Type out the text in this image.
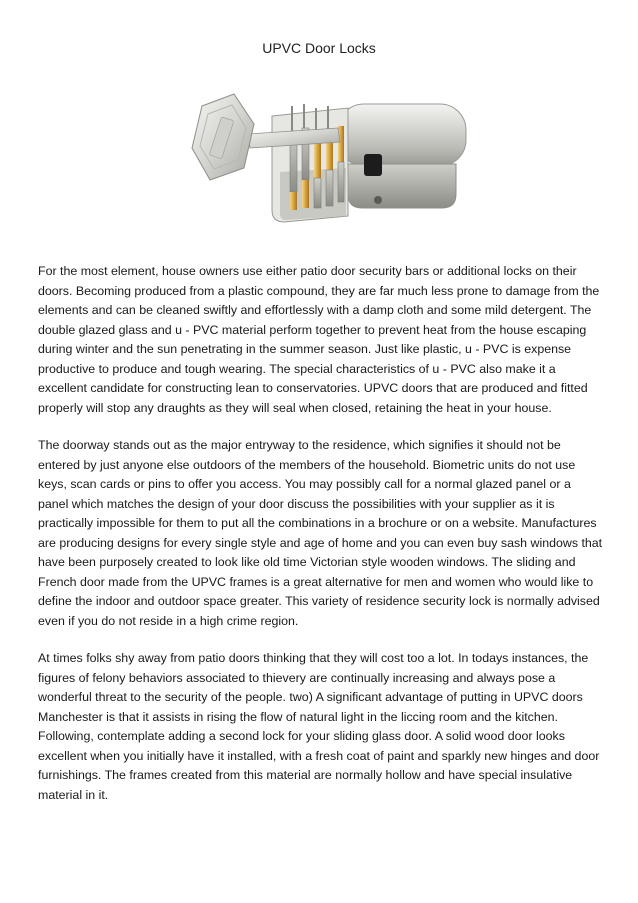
UPVC Door Locks

For the most element, house owners use either patio door security bars or additional locks on their doors. Becoming produced from a plastic compound, they are far much less prone to damage from the elements and can be cleaned swiftly and effortlessly with a damp cloth and some mild detergent. The double glazed glass and u - PVC material perform together to prevent heat from the house escaping during winter and the sun penetrating in the summer season. Just like plastic, u - PVC is expense productive to produce and tough wearing. The special characteristics of u - PVC also make it a excellent candidate for constructing lean to conservatories. UPVC doors that are produced and fitted properly will stop any draughts as they will seal when closed, retaining the heat in your house.

The doorway stands out as the major entryway to the residence, which signifies it should not be entered by just anyone else outdoors of the members of the household. Biometric units do not use keys, scan cards or pins to offer you access. You may possibly call for a normal glazed panel or a panel which matches the design of your door discuss the possibilities with your supplier as it is practically impossible for them to put all the combinations in a brochure or on a website. Manufactures are producing designs for every single style and age of home and you can even buy sash windows that have been purposely created to look like old time Victorian style wooden windows. The sliding and French door made from the UPVC frames is a great alternative for men and women who would like to define the indoor and outdoor space greater. This variety of residence security lock is normally advised even if you do not reside in a high crime region.

At times folks shy away from patio doors thinking that they will cost too a lot. In todays instances, the figures of felony behaviors associated to thievery are continually increasing and always pose a wonderful threat to the security of the people. two) A significant advantage of putting in UPVC doors Manchester is that it assists in rising the flow of natural light in the liccing room and the kitchen. Following, contemplate adding a second lock for your sliding glass door. A solid wood door looks excellent when you initially have it installed, with a fresh coat of paint and sparkly new hinges and door furnishings. The frames created from this material are normally hollow and have special insulative material in it.
